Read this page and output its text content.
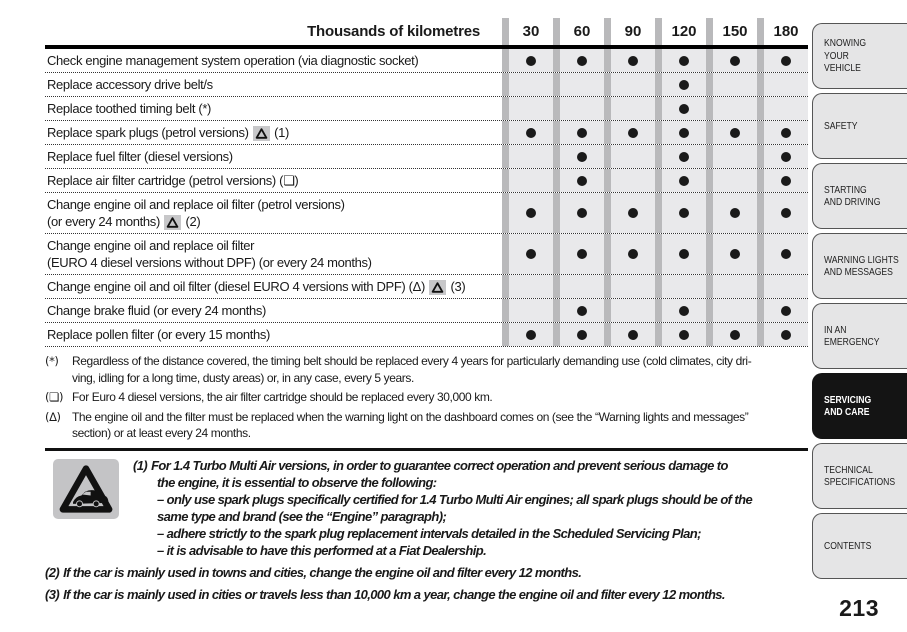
Thousands of kilometres	30 60 90 120 150 180
Check engine management system operation (via diagnostic socket)
Replace accessory drive belt/s
Replace toothed timing belt (*)
Replace spark plugs (petrol versions)
(1)
Replace fuel filter (diesel versions)
Replace air filter cartridge (petrol versions) (❏)
Change engine oil and replace oil filter (petrol versions)
(or every 24 months)
(2)
Change engine oil and replace oil filter
(EURO 4 diesel versions without DPF) (or every 24 months)
Change engine oil and oil filter (diesel EURO 4 versions with DPF) (Δ)
(3)
Change brake fluid (or every 24 months)
Replace pollen filter (or every 15 months)
(*)	Regardless of the distance covered, the timing belt should be replaced every 4 years for particularly demanding use (cold climates, city dri-
ving, idling for a long time, dusty areas) or, in any case, every 5 years.
(❏) For Euro 4 diesel versions, the air filter cartridge should be replaced every 30,000 km.
(Δ) The engine oil and the filter must be replaced when the warning light on the dashboard comes on (see the “Warning lights and messages”
section) or at least every 24 months.
(1) For 1.4 Turbo Multi Air versions, in order to guarantee correct operation and prevent serious damage to
the engine, it is essential to observe the following:
– only use spark plugs specifically certified for 1.4 Turbo Multi Air engines; all spark plugs should be of the
same type and brand (see the “Engine” paragraph);
– adhere strictly to the spark plug replacement intervals detailed in the Scheduled Servicing Plan;
– it is advisable to have this performed at a Fiat Dealership.
(2) If the car is mainly used in towns and cities, change the engine oil and filter every 12 months.
(3) If the car is mainly used in cities or travels less than 10,000 km a year, change the engine oil and filter every 12 months.
KNOWING
YOUR
VEHICLE
SAFETY
STARTING
AND DRIVING
WARNING LIGHTS
AND MESSAGES
IN AN
EMERGENCY
SERVICING
AND CARE
TECHNICAL
SPECIFICATIONS
CONTENTS
213
